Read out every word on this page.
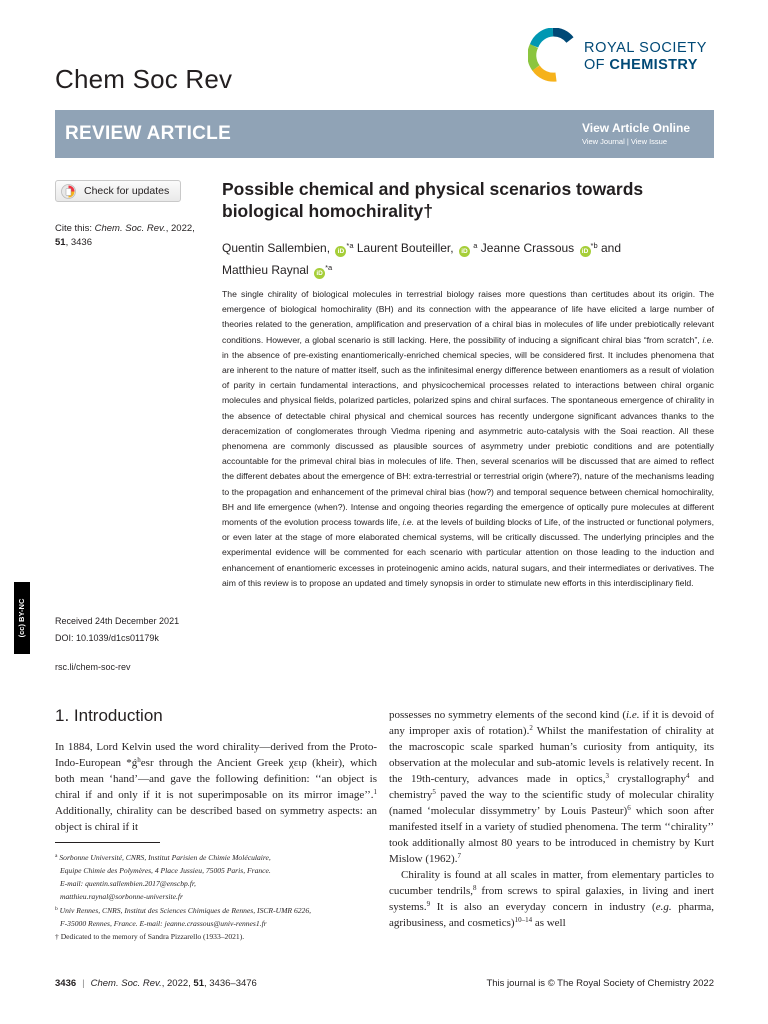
Chem Soc Rev
ROYAL SOCIETY
OF CHEMISTRY
REVIEW ARTICLE	View Article Online
View Journal | View Issue
Check for updates
Cite this: Chem. Soc. Rev., 2022,
51, 3436
(cc) BY-NC	Received 24th December 2021
DOI: 10.1039/d1cs01179k
rsc.li/chem-soc-rev
Possible chemical and physical scenarios towards biological homochirality†
Quentin Sallembien, iD$^{*a}$ Laurent Bouteiller, iD $^a$ Jeanne Crassous iD$^{*b}$ and
Matthieu Raynal iD$^{*a}$
The single chirality of biological molecules in terrestrial biology raises more questions than certitudes about its origin. The emergence of biological homochirality (BH) and its connection with the appearance of life have elicited a large number of theories related to the generation, amplification and preservation of a chiral bias in molecules of life under prebiotically relevant conditions. However, a global scenario is still lacking. Here, the possibility of inducing a significant chiral bias “from scratch”, i.e. in the absence of pre-existing enantiomerically-enriched chemical species, will be considered first. It includes phenomena that are inherent to the nature of matter itself, such as the infinitesimal energy difference between enantiomers as a result of violation of parity in certain fundamental interactions, and physicochemical processes related to interactions between chiral organic molecules and physical fields, polarized particles, polarized spins and chiral surfaces. The spontaneous emergence of chirality in the absence of detectable chiral physical and chemical sources has recently undergone significant advances thanks to the deracemization of conglomerates through Viedma ripening and asymmetric auto-catalysis with the Soai reaction. All these phenomena are commonly discussed as plausible sources of asymmetry under prebiotic conditions and are potentially accountable for the primeval chiral bias in molecules of life. Then, several scenarios will be discussed that are aimed to reflect the different debates about the emergence of BH: extra-terrestrial or terrestrial origin (where?), nature of the mechanisms leading to the propagation and enhancement of the primeval chiral bias (how?) and temporal sequence between chemical homochirality, BH and life emergence (when?). Intense and ongoing theories regarding the emergence of optically pure molecules at different moments of the evolution process towards life, i.e. at the levels of building blocks of Life, of the instructed or functional polymers, or even later at the stage of more elaborated chemical systems, will be critically discussed. The underlying principles and the experimental evidence will be commented for each scenario with particular attention on those leading to the induction and enhancement of enantiomeric excesses in proteinogenic amino acids, natural sugars, and their intermediates or derivatives. The aim of this review is to propose an updated and timely synopsis in order to stimulate new efforts in this interdisciplinary field.
1. Introduction

In 1884, Lord Kelvin used the word chirality—derived from the Proto-Indo-European $*ǵ^hesr$ through the Ancient Greek χειρ (kheir), which both mean ‘hand’—and gave the following definition: ‘‘an object is chiral if and only if it is not superimposable on its mirror image’’.$^1$ Additionally, chirality can be described based on symmetry aspects: an object is chiral if it

$^a$ Sorbonne Université, CNRS, Institut Parisien de Chimie Moléculaire,
Equipe Chimie des Polymères, 4 Place Jussieu, 75005 Paris, France.
E-mail: quentin.sallembien.2017@enscbp.fr,
matthieu.raynal@sorbonne-universite.fr
$^b$ Univ Rennes, CNRS, Institut des Sciences Chimiques de Rennes, ISCR-UMR 6226,
F-35000 Rennes, France. E-mail: jeanne.crassous@univ-rennes1.fr
† Dedicated to the memory of Sandra Pizzarello (1933–2021).

possesses no symmetry elements of the second kind (i.e. if it is devoid of any improper axis of rotation).$^2$ Whilst the manifestation of chirality at the macroscopic scale sparked human’s curiosity from antiquity, its observation at the molecular and sub-atomic levels is relatively recent. In the 19th-century, advances made in optics,$^3$ crystallography$^4$ and chemistry$^5$ paved the way to the scientific study of molecular chirality (named ‘molecular dissymmetry’ by Louis Pasteur)$^6$ which soon after manifested itself in a variety of studied phenomena. The term ‘‘chirality’’ took additionally almost 80 years to be introduced in chemistry by Kurt Mislow (1962).$^7$

Chirality is found at all scales in matter, from elementary particles to cucumber tendrils,$^8$ from screws to spiral galaxies, in living and inert systems.$^9$ It is also an everyday concern in industry (e.g. pharma, agribusiness, and cosmetics)$^{10-14}$ as well

3436 | Chem. Soc. Rev., 2022, 51, 3436–3476	This journal is © The Royal Society of Chemistry 2022
